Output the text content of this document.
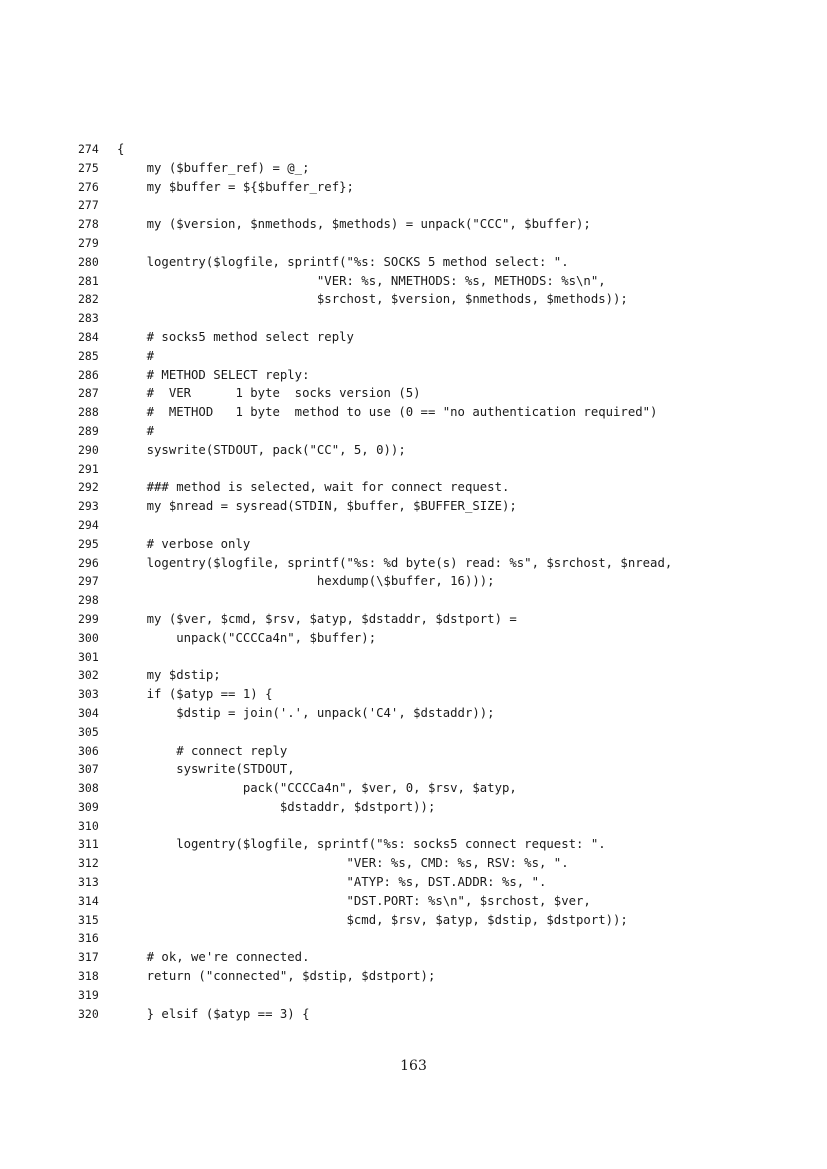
274 {
275    my ($buffer_ref) = @_;
276    my $buffer = ${$buffer_ref};
277
278    my ($version, $nmethods, $methods) = unpack("CCC", $buffer);
279
280    logentry($logfile, sprintf("%s: SOCKS 5 method select: ".
281                           "VER: %s, NMETHODS: %s, METHODS: %s\n",
282                           $srchost, $version, $nmethods, $methods));
283
284    # socks5 method select reply
285    #
286    # METHOD SELECT reply:
287    #  VER      1 byte  socks version (5)
288    #  METHOD   1 byte  method to use (0 == "no authentication required")
289    #
290    syswrite(STDOUT, pack("CC", 5, 0));
291
292    ### method is selected, wait for connect request.
293    my $nread = sysread(STDIN, $buffer, $BUFFER_SIZE);
294
295    # verbose only
296    logentry($logfile, sprintf("%s: %d byte(s) read: %s", $srchost, $nread,
297                           hexdump(\$buffer, 16)));
298
299    my ($ver, $cmd, $rsv, $atyp, $dstaddr, $dstport) =
300        unpack("CCCCa4n", $buffer);
301
302    my $dstip;
303    if ($atyp == 1) {
304        $dstip = join('.', unpack('C4', $dstaddr));
305
306        # connect reply
307        syswrite(STDOUT,
308                 pack("CCCCa4n", $ver, 0, $rsv, $atyp,
309                      $dstaddr, $dstport));
310
311        logentry($logfile, sprintf("%s: socks5 connect request: ".
312                               "VER: %s, CMD: %s, RSV: %s, ".
313                               "ATYP: %s, DST.ADDR: %s, ".
314                               "DST.PORT: %s\n", $srchost, $ver,
315                               $cmd, $rsv, $atyp, $dstip, $dstport));
316
317    # ok, we're connected.
318    return ("connected", $dstip, $dstport);
319
320    } elsif ($atyp == 3) {
163
